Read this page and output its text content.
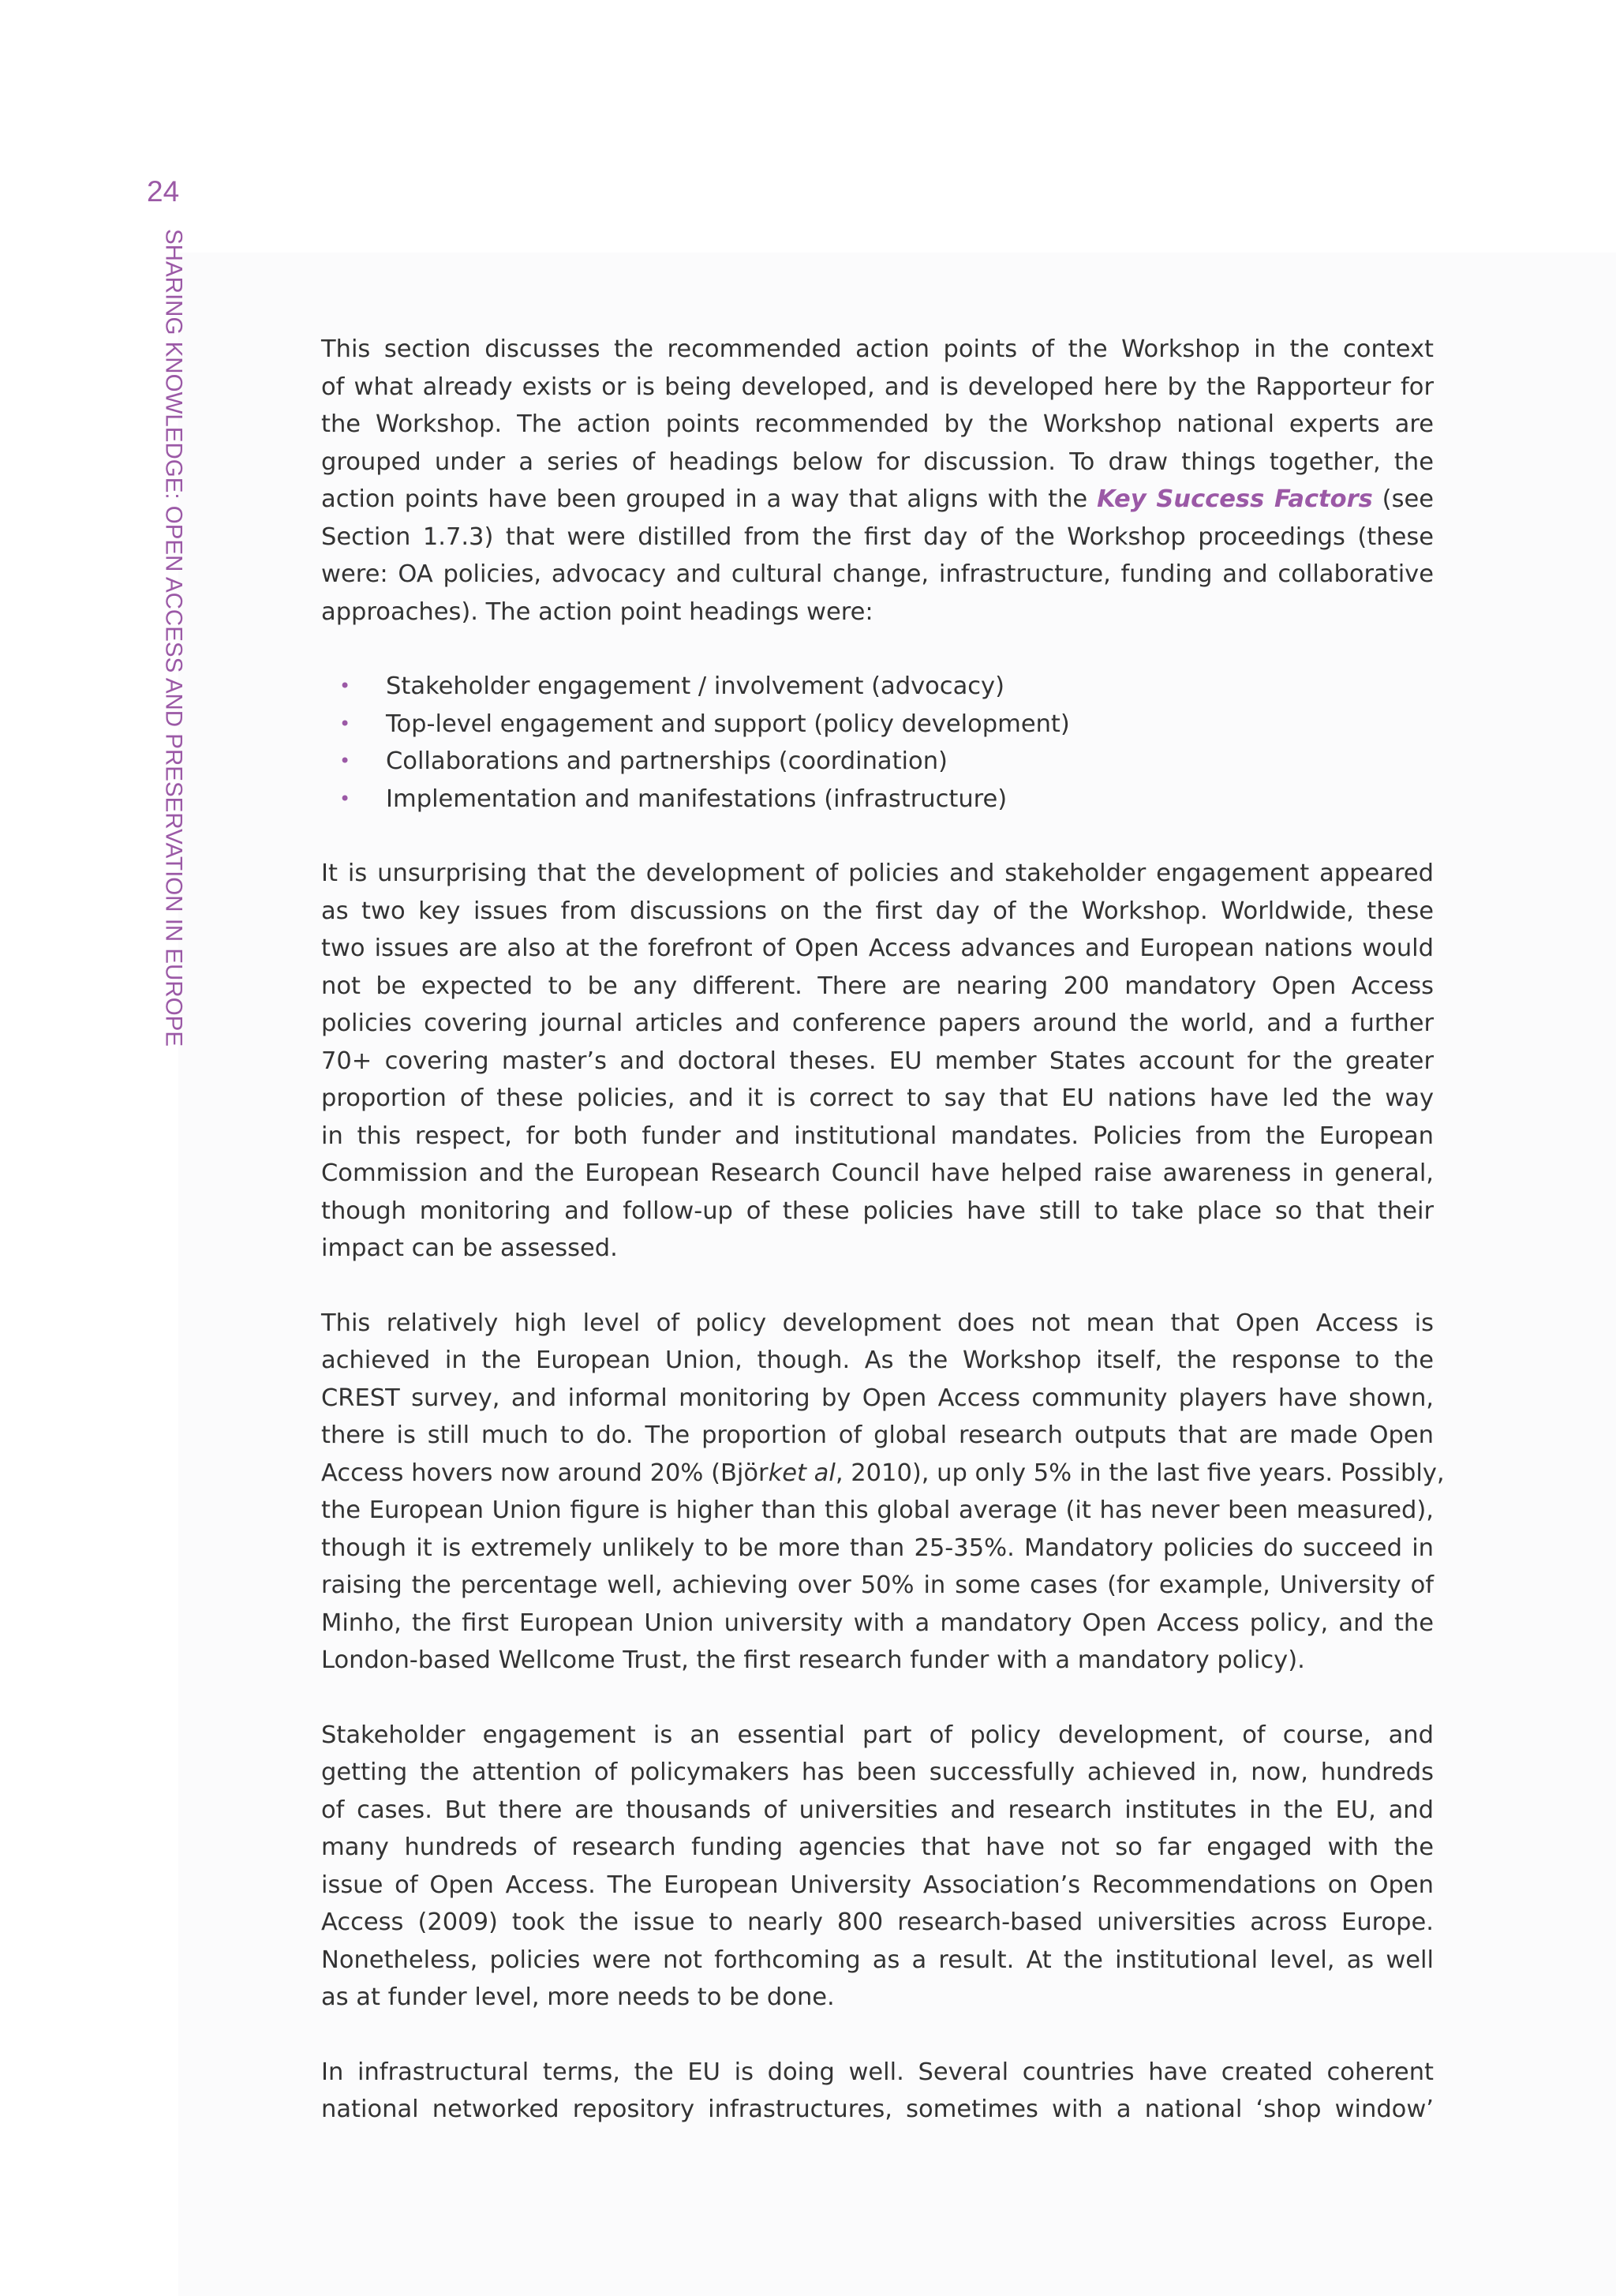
24
SHARING KNOWLEDGE: OPEN ACCESS AND PRESERVATION IN EUROPE	This section discusses the recommended action points of the Workshop in the context
of what already exists or is being developed, and is developed here by the Rapporteur for
the Workshop. The action points recommended by the Workshop national experts are
grouped under a series of headings below for discussion. To draw things together, the
action points have been grouped in a way that aligns with the Key Success Factors (see
Section 1.7.3) that were distilled from the first day of the Workshop proceedings (these
were: OA policies, advocacy and cultural change, infrastructure, funding and collaborative
approaches). The action point headings were:

• Stakeholder engagement / involvement (advocacy)
• Top-level engagement and support (policy development)
• Collaborations and partnerships (coordination)
• Implementation and manifestations (infrastructure)

It is unsurprising that the development of policies and stakeholder engagement appeared
as two key issues from discussions on the first day of the Workshop. Worldwide, these
two issues are also at the forefront of Open Access advances and European nations would
not be expected to be any different. There are nearing 200 mandatory Open Access
policies covering journal articles and conference papers around the world, and a further
70+ covering master’s and doctoral theses. EU member States account for the greater
proportion of these policies, and it is correct to say that EU nations have led the way
in this respect, for both funder and institutional mandates. Policies from the European
Commission and the European Research Council have helped raise awareness in general,
though monitoring and follow-up of these policies have still to take place so that their
impact can be assessed.

This relatively high level of policy development does not mean that Open Access is
achieved in the European Union, though. As the Workshop itself, the response to the
CREST survey, and informal monitoring by Open Access community players have shown,
there is still much to do. The proportion of global research outputs that are made Open
Access hovers now around 20% (Björket al, 2010), up only 5% in the last five years. Possibly,
the European Union figure is higher than this global average (it has never been measured),
though it is extremely unlikely to be more than 25-35%. Mandatory policies do succeed in
raising the percentage well, achieving over 50% in some cases (for example, University of
Minho, the first European Union university with a mandatory Open Access policy, and the
London-based Wellcome Trust, the first research funder with a mandatory policy).

Stakeholder engagement is an essential part of policy development, of course, and
getting the attention of policymakers has been successfully achieved in, now, hundreds
of cases. But there are thousands of universities and research institutes in the EU, and
many hundreds of research funding agencies that have not so far engaged with the
issue of Open Access. The European University Association’s Recommendations on Open
Access (2009) took the issue to nearly 800 research-based universities across Europe.
Nonetheless, policies were not forthcoming as a result. At the institutional level, as well
as at funder level, more needs to be done.

In infrastructural terms, the EU is doing well. Several countries have created coherent
national networked repository infrastructures, sometimes with a national ‘shop window’
